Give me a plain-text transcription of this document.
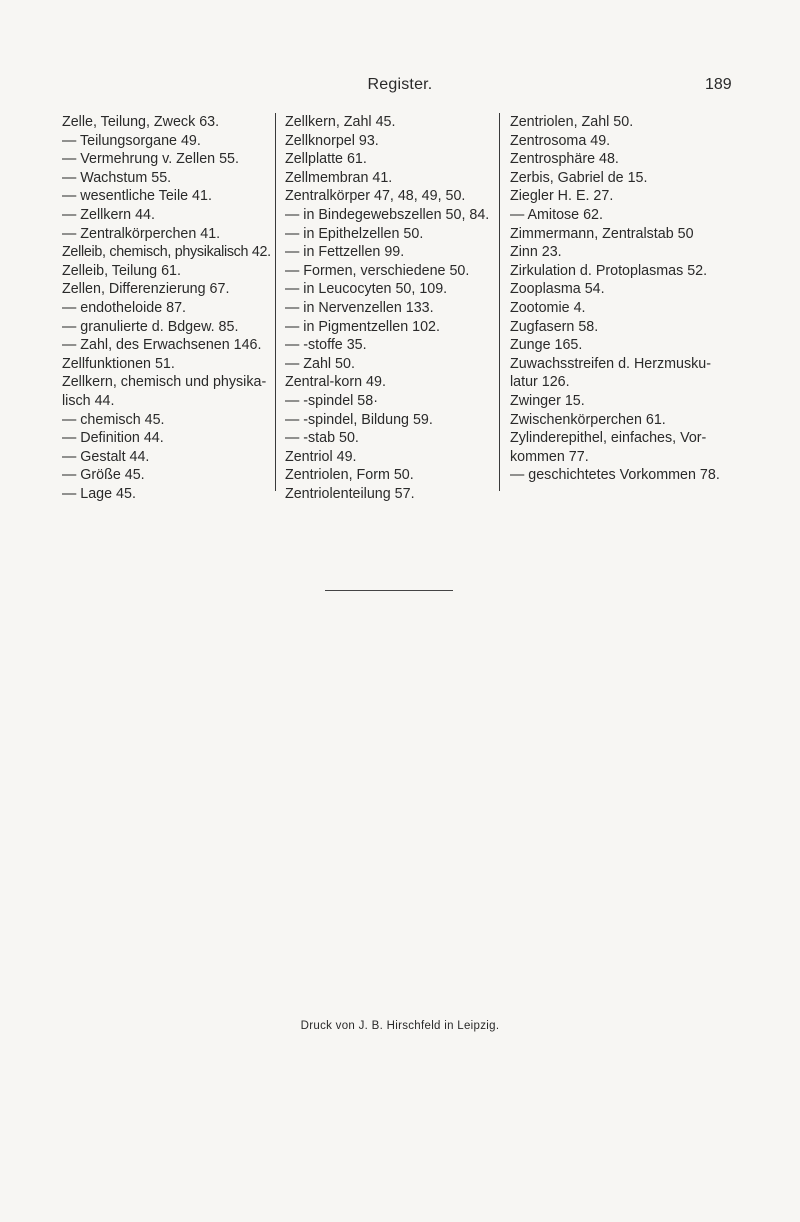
Register.	189
Zelle, Teilung, Zweck 63.
— Teilungsorgane 49.
— Vermehrung v. Zellen 55.
— Wachstum 55.
— wesentliche Teile 41.
— Zellkern 44.
— Zentralkörperchen 41.
Zelleib, chemisch, physikalisch 42.
Zelleib, Teilung 61.
Zellen, Differenzierung 67.
— endotheloide 87.
— granulierte d. Bdgew. 85.
— Zahl, des Erwachsenen 146.
Zellfunktionen 51.
Zellkern, chemisch und physika-
lisch 44.
— chemisch 45.
— Definition 44.
— Gestalt 44.
— Größe 45.
— Lage 45.
Zellkern, Zahl 45.
Zellknorpel 93.
Zellplatte 61.
Zellmembran 41.
Zentralkörper 47, 48, 49, 50.
— in Bindegewebszellen 50, 84.
— in Epithelzellen 50.
— in Fettzellen 99.
— Formen, verschiedene 50.
— in Leucocyten 50, 109.
— in Nervenzellen 133.
— in Pigmentzellen 102.
— -stoffe 35.
— Zahl 50.
Zentral-korn 49.
— -spindel 58·
— -spindel, Bildung 59.
— -stab 50.
Zentriol 49.
Zentriolen, Form 50.
Zentriolenteilung 57.
Zentriolen, Zahl 50.
Zentrosoma 49.
Zentrosphäre 48.
Zerbis, Gabriel de 15.
Ziegler H. E. 27.
— Amitose 62.
Zimmermann, Zentralstab 50
Zinn 23.
Zirkulation d. Protoplasmas 52.
Zooplasma 54.
Zootomie 4.
Zugfasern 58.
Zunge 165.
Zuwachsstreifen d. Herzmusku-
latur 126.
Zwinger 15.
Zwischenkörperchen 61.
Zylinderepithel, einfaches, Vor-
kommen 77.
— geschichtetes Vorkommen 78.
Druck von J. B. Hirschfeld in Leipzig.
